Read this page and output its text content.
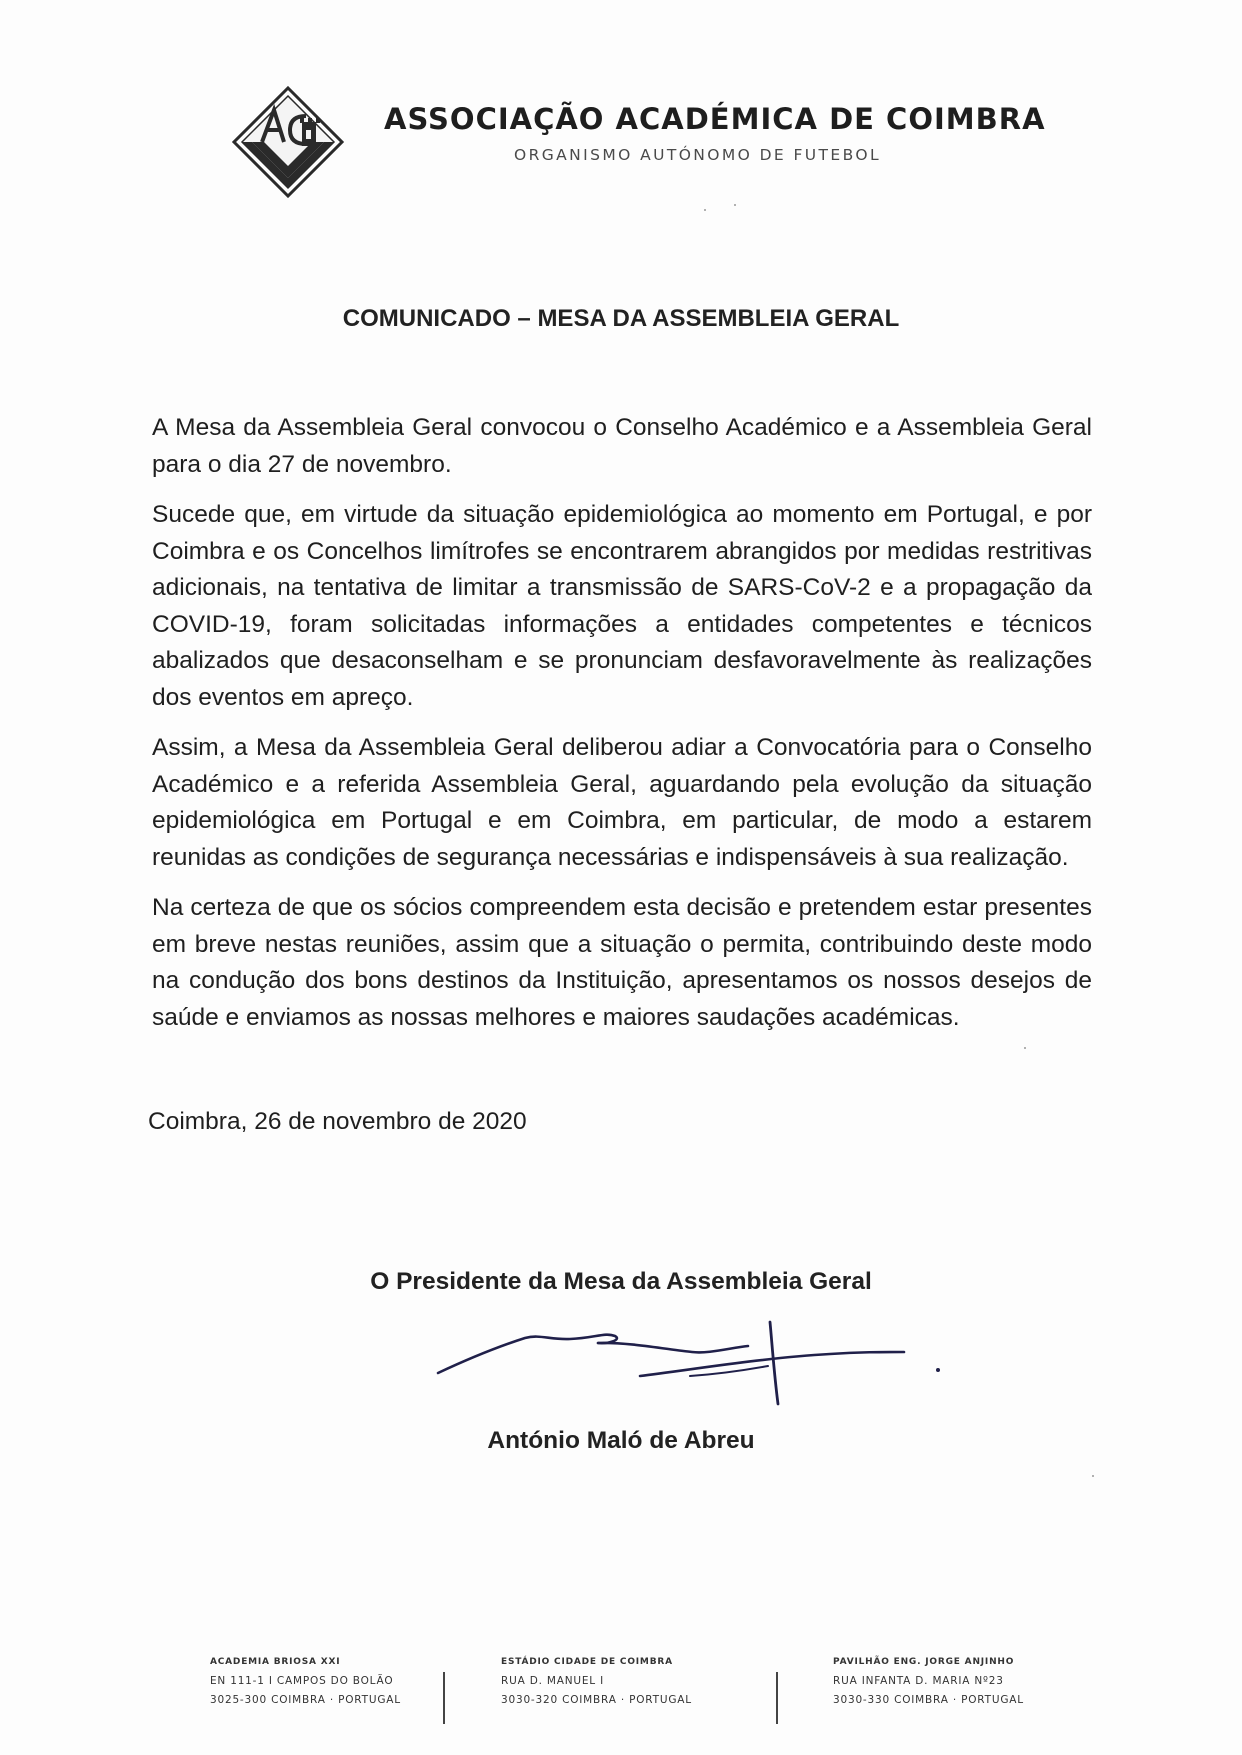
ASSOCIAÇÃO ACADÉMICA DE COIMBRA
ORGANISMO AUTÓNOMO DE FUTEBOL
COMUNICADO – MESA DA ASSEMBLEIA GERAL

A Mesa da Assembleia Geral convocou o Conselho Académico e a Assembleia Geral para o dia 27 de novembro.

Sucede que, em virtude da situação epidemiológica ao momento em Portugal, e por Coimbra e os Concelhos limítrofes se encontrarem abrangidos por medidas restritivas adicionais, na tentativa de limitar a transmissão de SARS-CoV-2 e a propagação da COVID-19, foram solicitadas informações a entidades competentes e técnicos abalizados que desaconselham e se pronunciam desfavoravelmente às realizações dos eventos em apreço.

Assim, a Mesa da Assembleia Geral deliberou adiar a Convocatória para o Conselho Académico e a referida Assembleia Geral, aguardando pela evolução da situação epidemiológica em Portugal e em Coimbra, em particular, de modo a estarem reunidas as condições de segurança necessárias e indispensáveis à sua realização.

Na certeza de que os sócios compreendem esta decisão e pretendem estar presentes em breve nestas reuniões, assim que a situação o permita, contribuindo deste modo na condução dos bons destinos da Instituição, apresentamos os nossos desejos de saúde e enviamos as nossas melhores e maiores saudações académicas.

Coimbra, 26 de novembro de 2020
O Presidente da Mesa da Assembleia Geral
António Maló de Abreu
ACADEMIA BRIOSA XXI
EN 111-1 I CAMPOS DO BOLÃO
3025-300 COIMBRA · PORTUGAL
ESTÁDIO CIDADE DE COIMBRA
RUA D. MANUEL I
3030-320 COIMBRA · PORTUGAL
PAVILHÃO ENG. JORGE ANJINHO
RUA INFANTA D. MARIA Nº23
3030-330 COIMBRA · PORTUGAL
